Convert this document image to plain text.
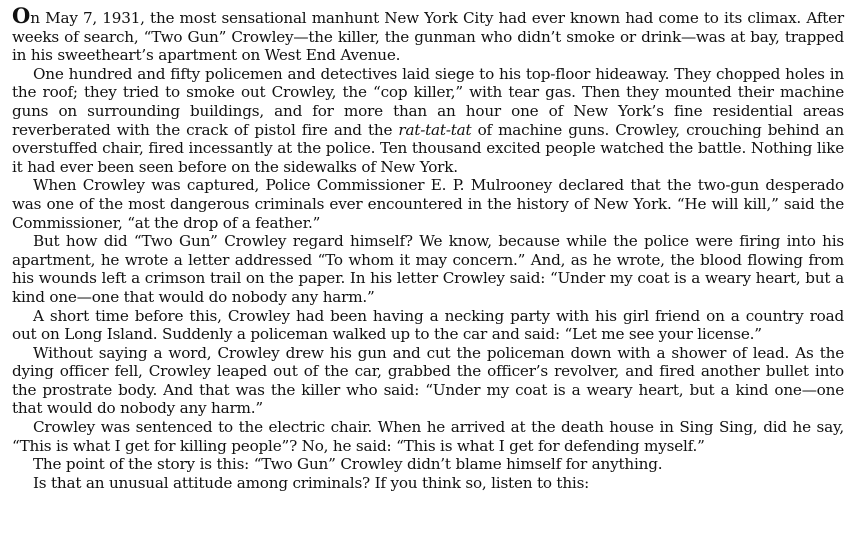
On May 7, 1931, the most sensational manhunt New York City had ever known had come to its climax. After weeks of search, “Two Gun” Crowley—the killer, the gunman who didn’t smoke or drink—was at bay, trapped in his sweetheart’s apartment on West End Avenue.

One hundred and fifty policemen and detectives laid siege to his top-floor hideaway. They chopped holes in the roof; they tried to smoke out Crowley, the “cop killer,” with tear gas. Then they mounted their machine guns on surrounding buildings, and for more than an hour one of New York’s fine residential areas reverberated with the crack of pistol fire and the rat-tat-tat of machine guns. Crowley, crouching behind an overstuffed chair, fired incessantly at the police. Ten thousand excited people watched the battle. Nothing like it had ever been seen before on the sidewalks of New York.

When Crowley was captured, Police Commissioner E. P. Mulrooney declared that the two-gun desperado was one of the most dangerous criminals ever encountered in the history of New York. “He will kill,” said the Commissioner, “at the drop of a feather.”

But how did “Two Gun” Crowley regard himself? We know, because while the police were firing into his apartment, he wrote a letter addressed “To whom it may concern.” And, as he wrote, the blood flowing from his wounds left a crimson trail on the paper. In his letter Crowley said: “Under my coat is a weary heart, but a kind one—one that would do nobody any harm.”

A short time before this, Crowley had been having a necking party with his girl friend on a country road out on Long Island. Suddenly a policeman walked up to the car and said: “Let me see your license.”

Without saying a word, Crowley drew his gun and cut the policeman down with a shower of lead. As the dying officer fell, Crowley leaped out of the car, grabbed the officer’s revolver, and fired another bullet into the prostrate body. And that was the killer who said: “Under my coat is a weary heart, but a kind one—one that would do nobody any harm.”

Crowley was sentenced to the electric chair. When he arrived at the death house in Sing Sing, did he say, “This is what I get for killing people”? No, he said: “This is what I get for defending myself.”

The point of the story is this: “Two Gun” Crowley didn’t blame himself for anything.

Is that an unusual attitude among criminals? If you think so, listen to this:
